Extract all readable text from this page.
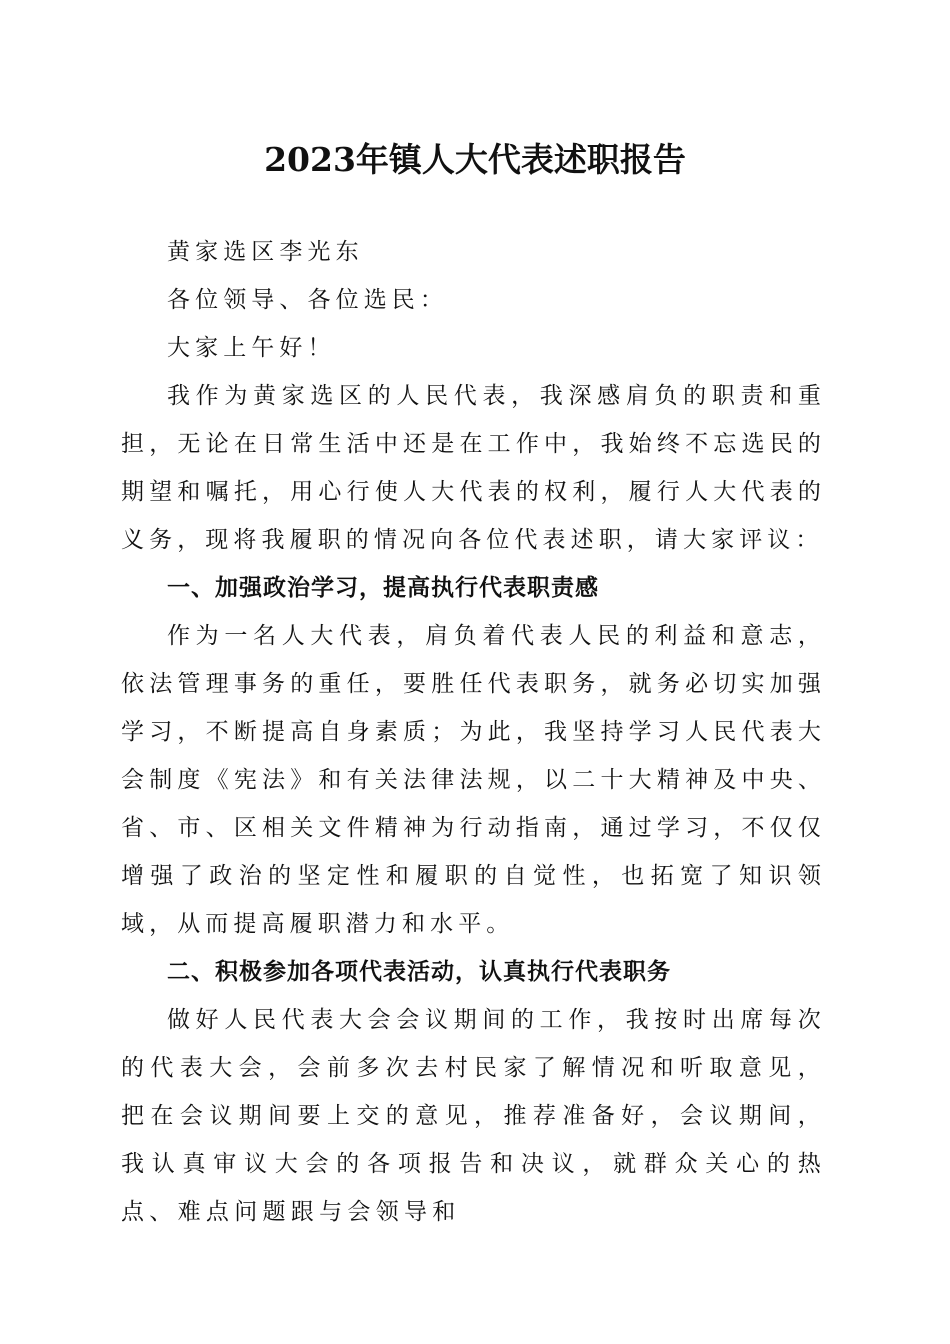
2023年镇人大代表述职报告

黄家选区李光东

各位领导、各位选民：

大家上午好！

我作为黄家选区的人民代表，我深感肩负的职责和重担，无论在日常生活中还是在工作中，我始终不忘选民的期望和嘱托，用心行使人大代表的权利，履行人大代表的义务，现将我履职的情况向各位代表述职，请大家评议：

一、加强政治学习，提高执行代表职责感

作为一名人大代表，肩负着代表人民的利益和意志，依法管理事务的重任，要胜任代表职务，就务必切实加强学习，不断提高自身素质；为此，我坚持学习人民代表大会制度《宪法》和有关法律法规，以二十大精神及中央、省、市、区相关文件精神为行动指南，通过学习，不仅仅增强了政治的坚定性和履职的自觉性，也拓宽了知识领域，从而提高履职潜力和水平。

二、积极参加各项代表活动，认真执行代表职务

做好人民代表大会会议期间的工作，我按时出席每次的代表大会，会前多次去村民家了解情况和听取意见，把在会议期间要上交的意见，推荐准备好，会议期间，我认真审议大会的各项报告和决议，就群众关心的热点、难点问题跟与会领导和
